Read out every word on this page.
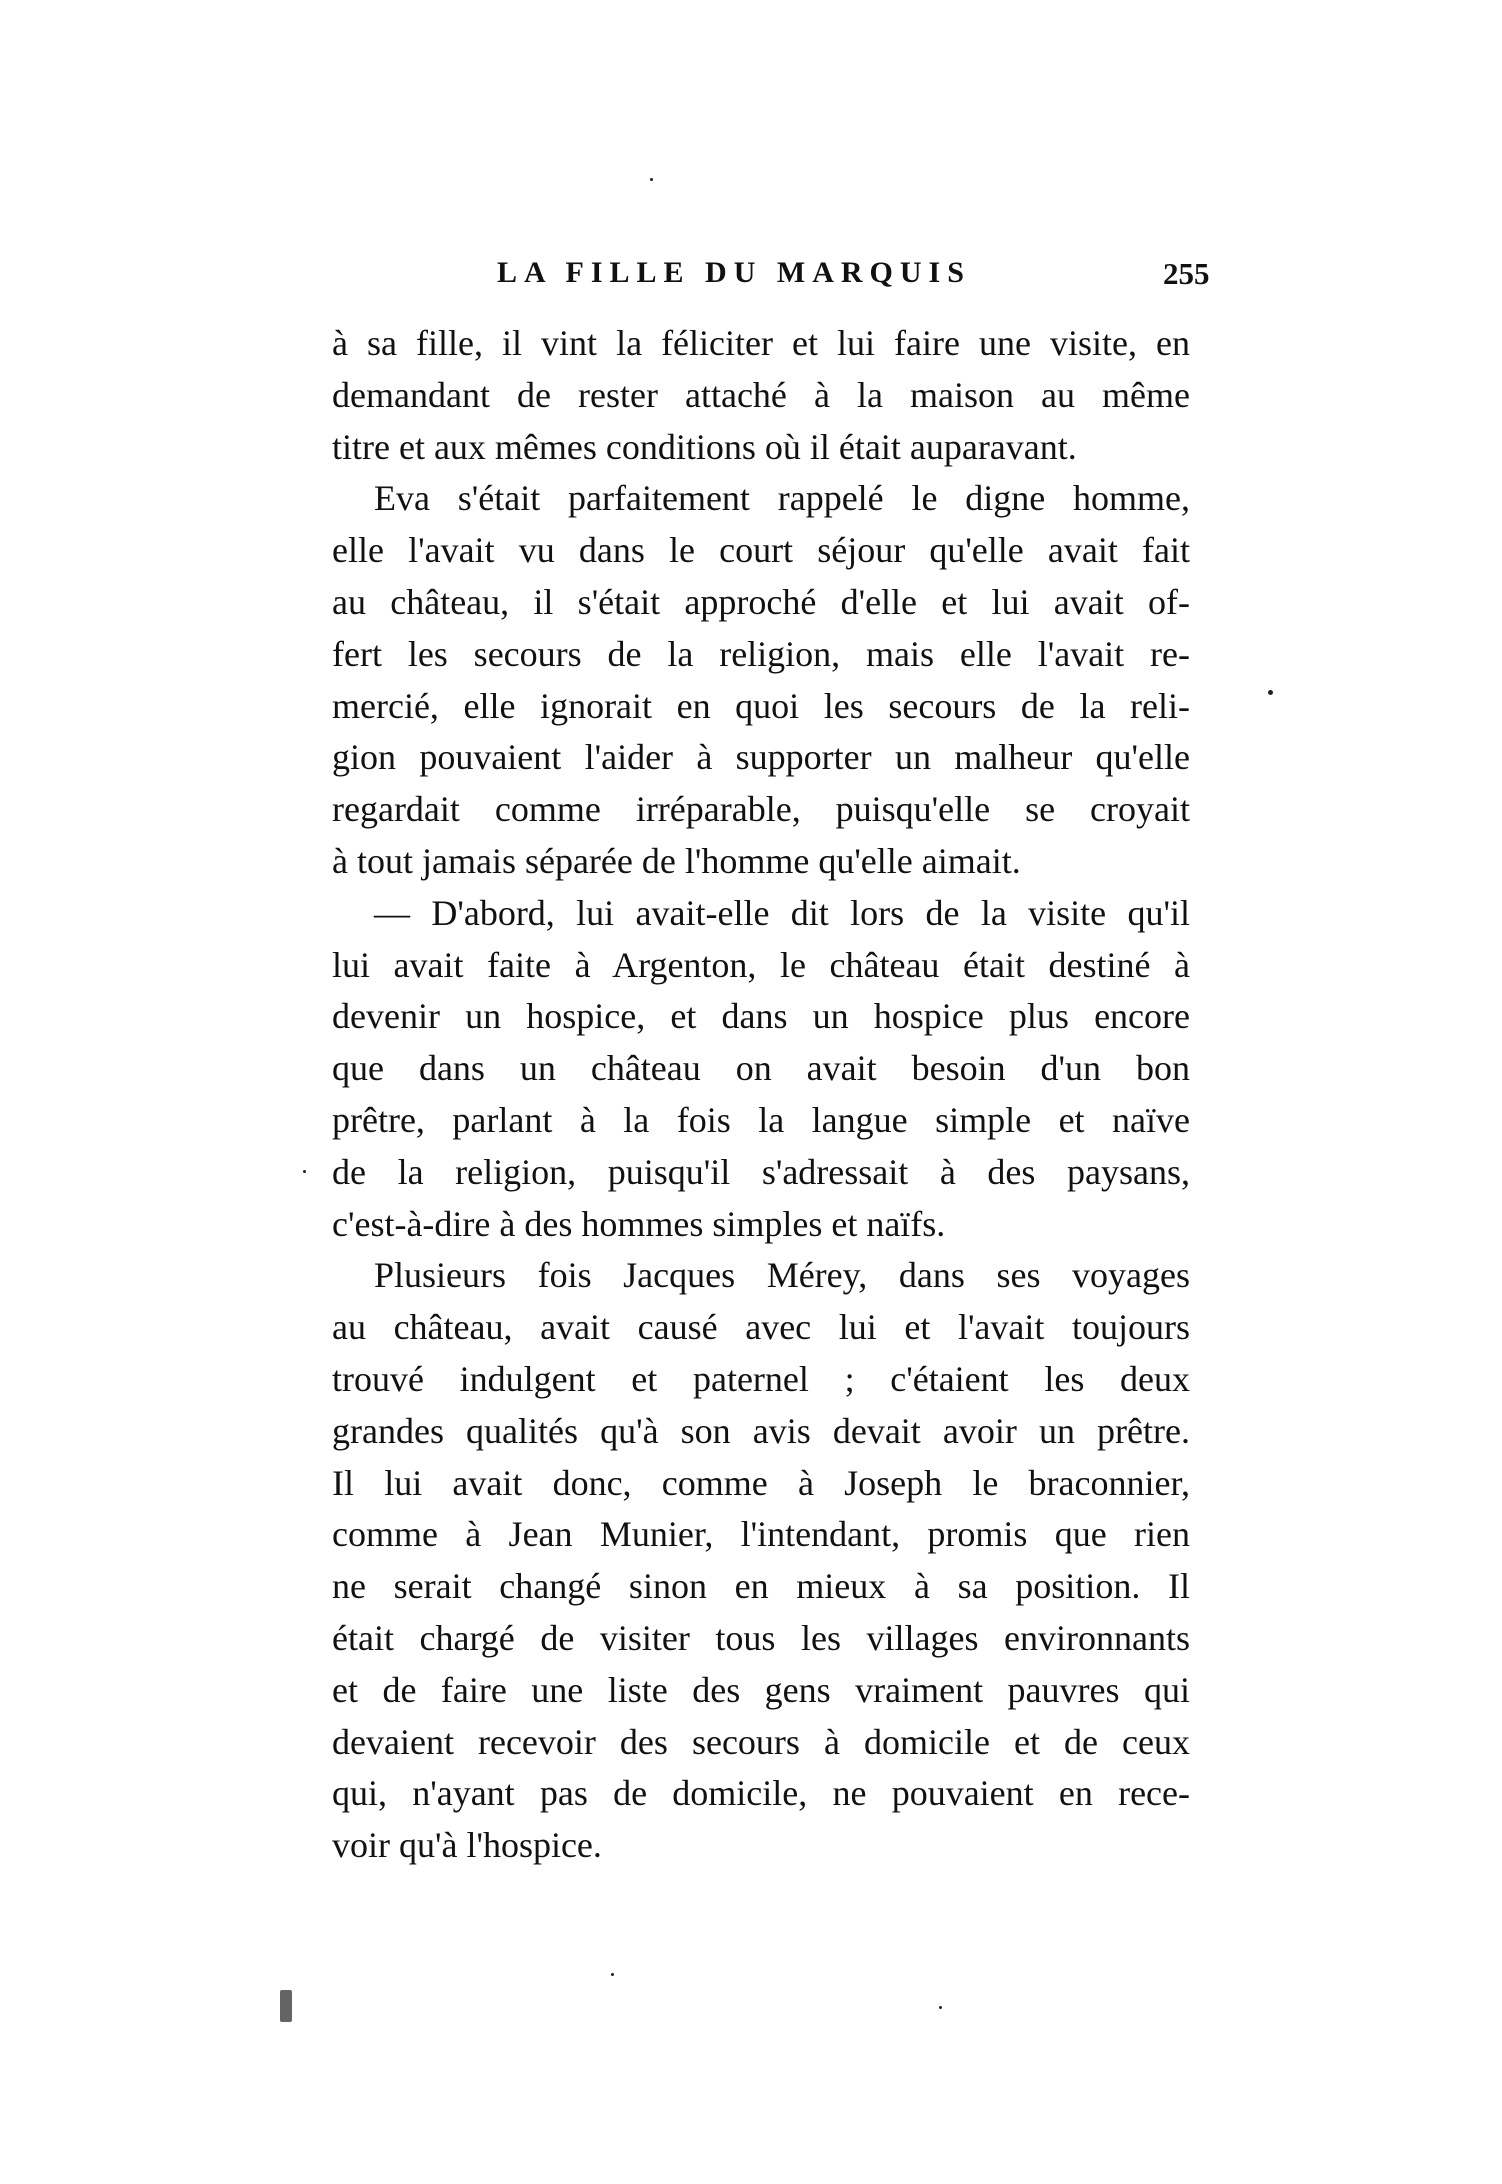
LA FILLE DU MARQUIS	255
à sa fille, il vint la féliciter et lui faire une visite, en
demandant de rester attaché à la maison au même
titre et aux mêmes conditions où il était auparavant.
Eva s'était parfaitement rappelé le digne homme,
elle l'avait vu dans le court séjour qu'elle avait fait
au château, il s'était approché d'elle et lui avait of-
fert les secours de la religion, mais elle l'avait re-
mercié, elle ignorait en quoi les secours de la reli-
gion pouvaient l'aider à supporter un malheur qu'elle
regardait comme irréparable, puisqu'elle se croyait
à tout jamais séparée de l'homme qu'elle aimait.
— D'abord, lui avait-elle dit lors de la visite qu'il
lui avait faite à Argenton, le château était destiné à
devenir un hospice, et dans un hospice plus encore
que dans un château on avait besoin d'un bon
prêtre, parlant à la fois la langue simple et naïve
de la religion, puisqu'il s'adressait à des paysans,
c'est-à-dire à des hommes simples et naïfs.
Plusieurs fois Jacques Mérey, dans ses voyages
au château, avait causé avec lui et l'avait toujours
trouvé indulgent et paternel ; c'étaient les deux
grandes qualités qu'à son avis devait avoir un prêtre.
Il lui avait donc, comme à Joseph le braconnier,
comme à Jean Munier, l'intendant, promis que rien
ne serait changé sinon en mieux à sa position. Il
était chargé de visiter tous les villages environnants
et de faire une liste des gens vraiment pauvres qui
devaient recevoir des secours à domicile et de ceux
qui, n'ayant pas de domicile, ne pouvaient en rece-
voir qu'à l'hospice.
